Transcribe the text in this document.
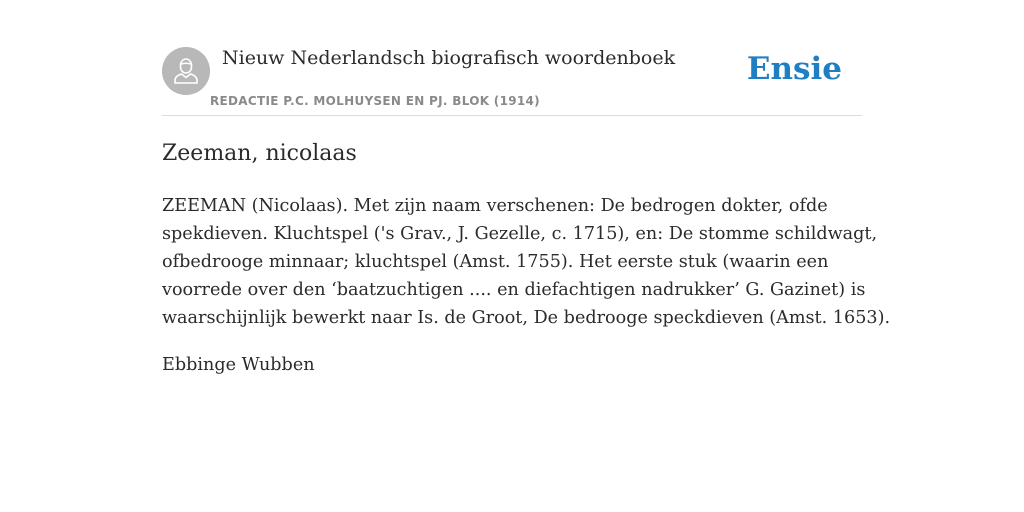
Nieuw Nederlandsch biografisch woordenboek
REDACTIE P.C. MOLHUYSEN EN PJ. BLOK (1914)
Ensie
Zeeman, nicolaas

ZEEMAN (Nicolaas). Met zijn naam verschenen: De bedrogen dokter, ofde
spekdieven. Kluchtspel ('s Grav., J. Gezelle, c. 1715), en: De stomme schildwagt,
ofbedrooge minnaar; kluchtspel (Amst. 1755). Het eerste stuk (waarin een
voorrede over den ‘baatzuchtigen .... en diefachtigen nadrukker’ G. Gazinet) is
waarschijnlijk bewerkt naar Is. de Groot, De bedrooge speckdieven (Amst. 1653).

Ebbinge Wubben
